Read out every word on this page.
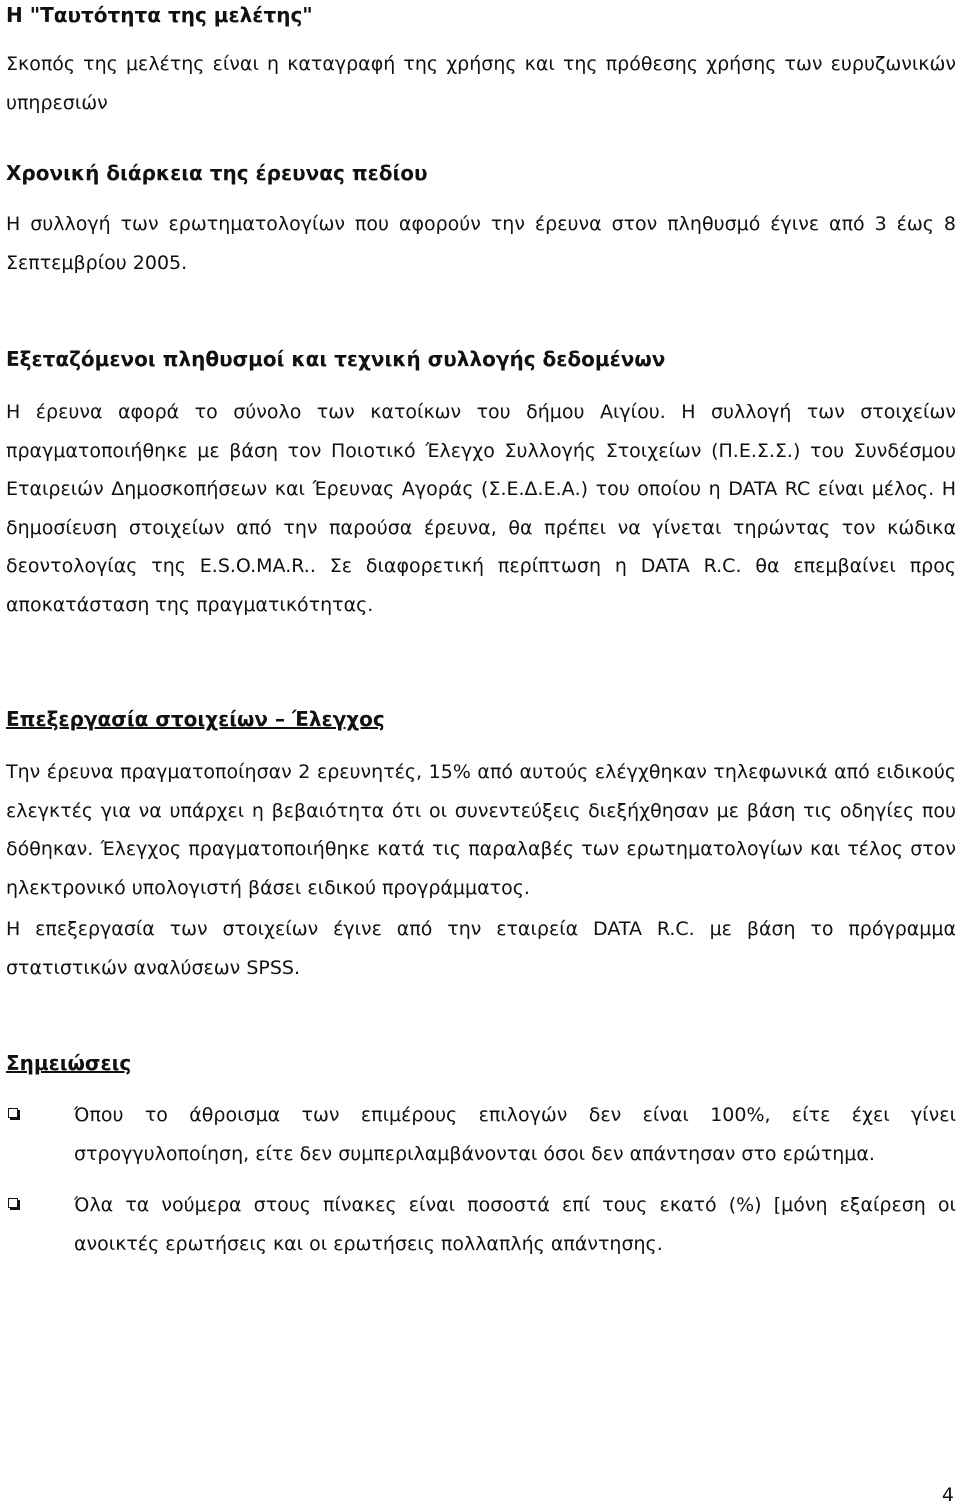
Η "Ταυτότητα της μελέτης"

Σκοπός της μελέτης είναι η καταγραφή της χρήσης και της πρόθεσης χρήσης των ευρυζωνικών υπηρεσιών

Χρονική διάρκεια της έρευνας πεδίου

Η συλλογή των ερωτηματολογίων που αφορούν την έρευνα στον πληθυσμό έγινε από 3 έως 8 Σεπτεμβρίου 2005.

Εξεταζόμενοι πληθυσμοί και τεχνική συλλογής δεδομένων

Η έρευνα αφορά το σύνολο των κατοίκων του δήμου Αιγίου. Η συλλογή των στοιχείων πραγματοποιήθηκε με βάση τον Ποιοτικό Έλεγχο Συλλογής Στοιχείων (Π.Ε.Σ.Σ.) του Συνδέσμου Εταιρειών Δημοσκοπήσεων και Έρευνας Αγοράς (Σ.Ε.Δ.Ε.Α.) του οποίου η DATA RC είναι μέλος. Η δημοσίευση στοιχείων από την παρούσα έρευνα, θα πρέπει να γίνεται τηρώντας τον κώδικα δεοντολογίας της E.S.O.MA.R.. Σε διαφορετική περίπτωση η DATA R.C. θα επεμβαίνει προς αποκατάσταση της πραγματικότητας.

Επεξεργασία στοιχείων – Έλεγχος

Την έρευνα πραγματοποίησαν 2 ερευνητές, 15% από αυτούς ελέγχθηκαν τηλεφωνικά από ειδικούς ελεγκτές για να υπάρχει η βεβαιότητα ότι οι συνεντεύξεις διεξήχθησαν με βάση τις οδηγίες που δόθηκαν. Έλεγχος πραγματοποιήθηκε κατά τις παραλαβές των ερωτηματολογίων και τέλος στον ηλεκτρονικό υπολογιστή βάσει ειδικού προγράμματος.

Η επεξεργασία των στοιχείων έγινε από την εταιρεία DATA R.C. με βάση το πρόγραμμα στατιστικών αναλύσεων SPSS.

Σημειώσεις

Όπου το άθροισμα των επιμέρους επιλογών δεν είναι 100%, είτε έχει γίνει στρογγυλοποίηση, είτε δεν συμπεριλαμβάνονται όσοι δεν απάντησαν στο ερώτημα.

Όλα τα νούμερα στους πίνακες είναι ποσοστά επί τους εκατό (%) [μόνη εξαίρεση οι ανοικτές ερωτήσεις και οι ερωτήσεις πολλαπλής απάντησης.

4
